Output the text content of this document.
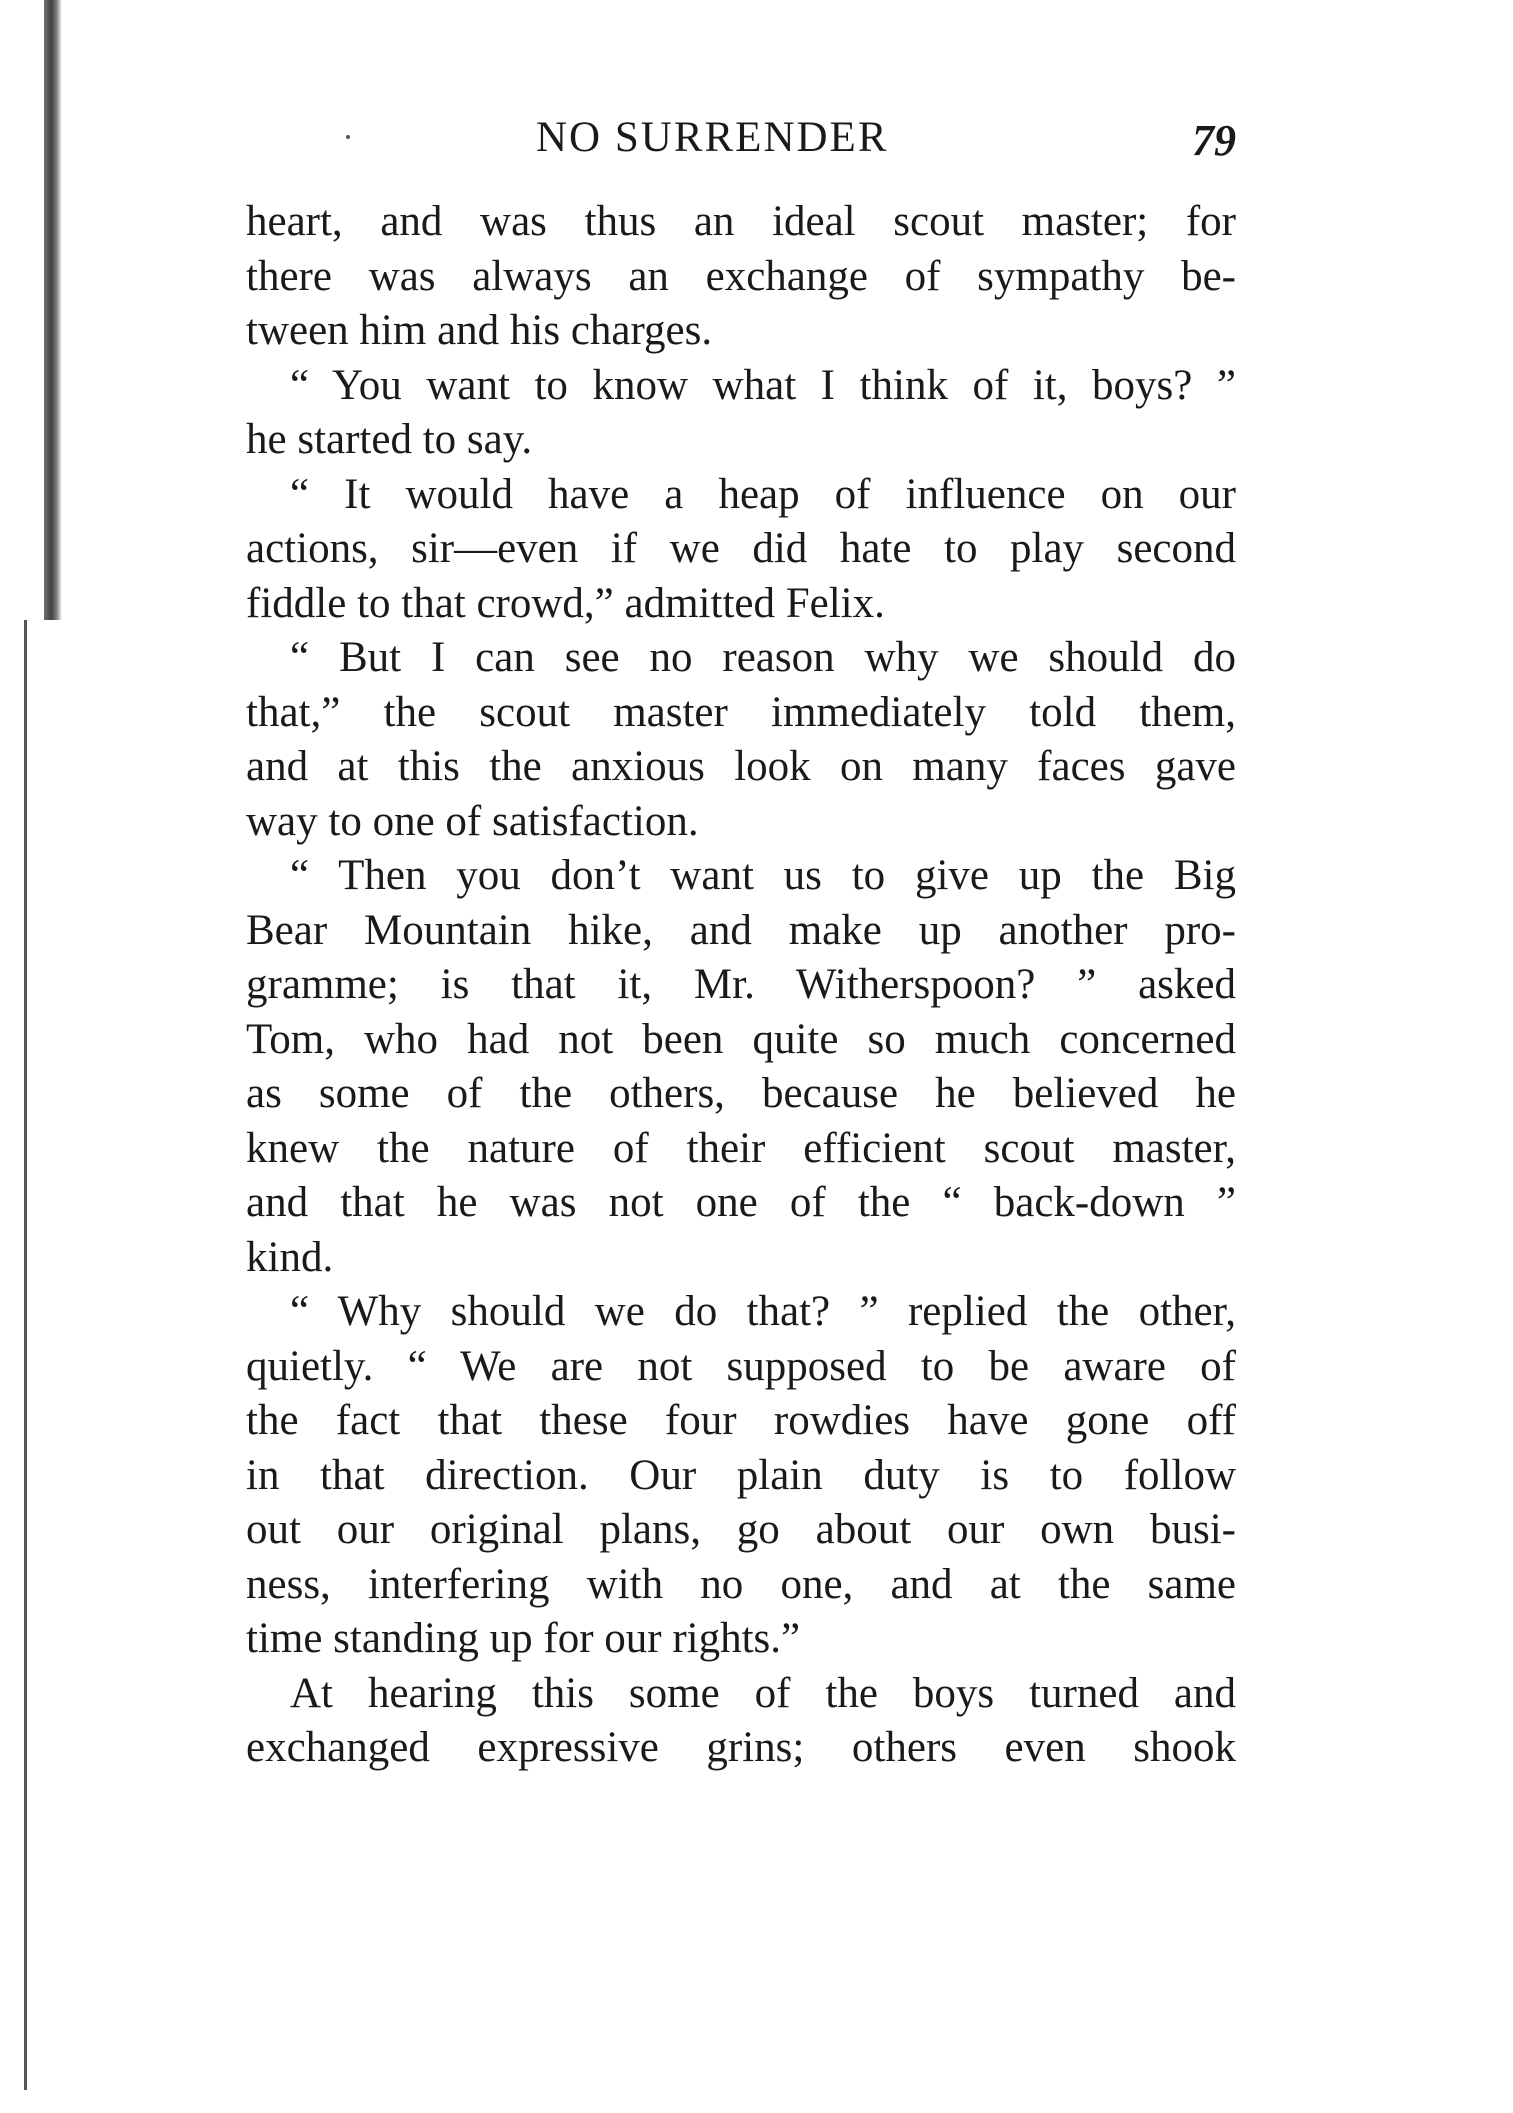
NO SURRENDER	79
heart, and was thus an ideal scout master; for
there was always an exchange of sympathy be-
tween him and his charges.
“ You want to know what I think of it, boys? ”
he started to say.
“ It would have a heap of influence on our
actions, sir—even if we did hate to play second
fiddle to that crowd,” admitted Felix.
“ But I can see no reason why we should do
that,” the scout master immediately told them,
and at this the anxious look on many faces gave
way to one of satisfaction.
“ Then you don’t want us to give up the Big
Bear Mountain hike, and make up another pro-
gramme; is that it, Mr. Witherspoon? ” asked
Tom, who had not been quite so much concerned
as some of the others, because he believed he
knew the nature of their efficient scout master,
and that he was not one of the “ back-down ”
kind.
“ Why should we do that? ” replied the other,
quietly. “ We are not supposed to be aware of
the fact that these four rowdies have gone off
in that direction. Our plain duty is to follow
out our original plans, go about our own busi-
ness, interfering with no one, and at the same
time standing up for our rights.”
At hearing this some of the boys turned and
exchanged expressive grins; others even shook
